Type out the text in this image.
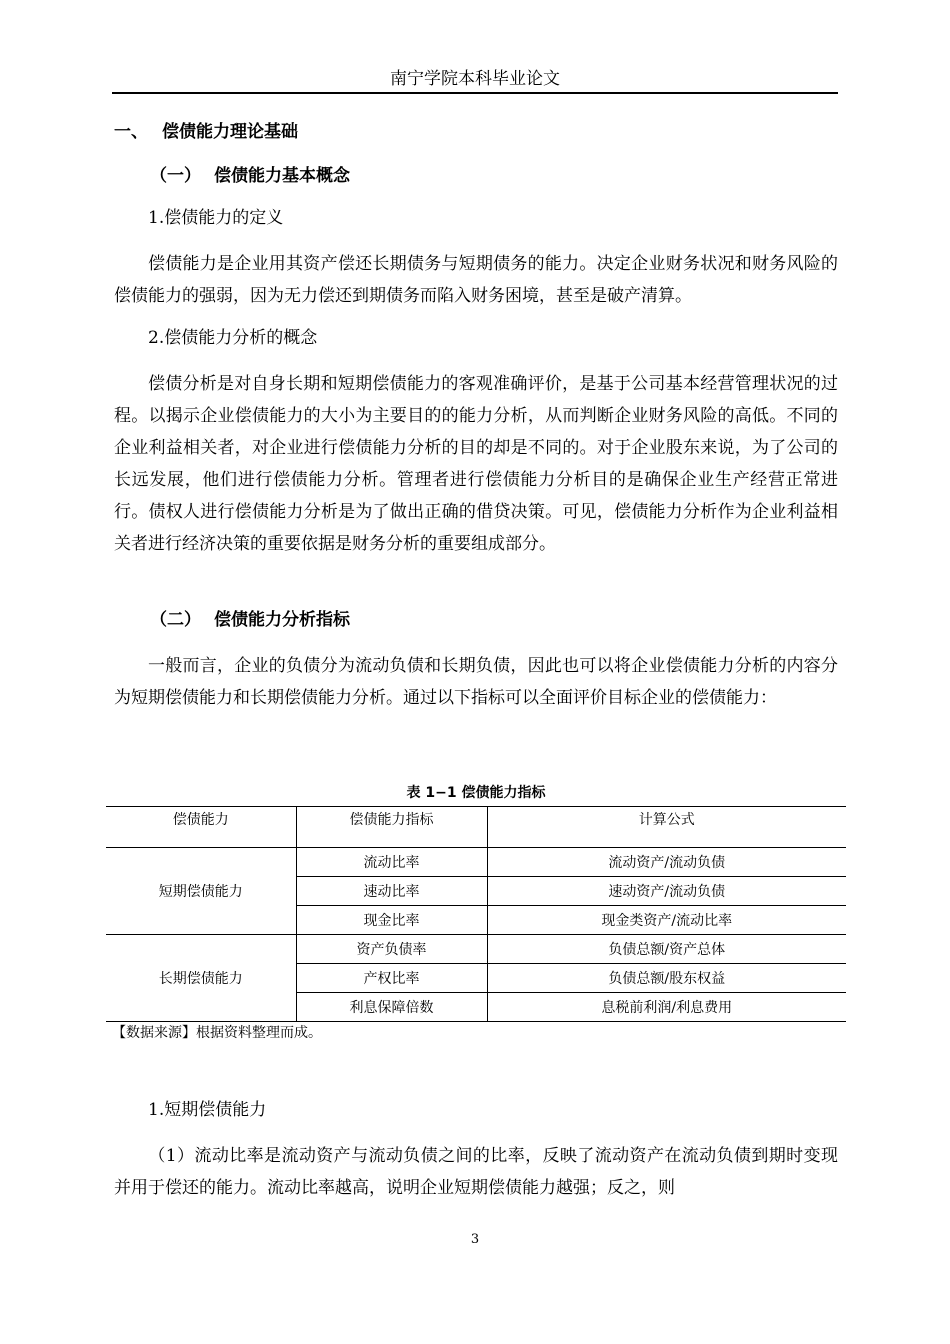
南宁学院本科毕业论文
一、 偿债能力理论基础
（一） 偿债能力基本概念
1.偿债能力的定义

偿债能力是企业用其资产偿还长期债务与短期债务的能力。决定企业财务状况和财务风险的偿债能力的强弱，因为无力偿还到期债务而陷入财务困境，甚至是破产清算。

2.偿债能力分析的概念

偿债分析是对自身长期和短期偿债能力的客观准确评价，是基于公司基本经营管理状况的过程。以揭示企业偿债能力的大小为主要目的的能力分析，从而判断企业财务风险的高低。不同的企业利益相关者，对企业进行偿债能力分析的目的却是不同的。对于企业股东来说，为了公司的长远发展，他们进行偿债能力分析。管理者进行偿债能力分析目的是确保企业生产经营正常进行。债权人进行偿债能力分析是为了做出正确的借贷决策。可见，偿债能力分析作为企业利益相关者进行经济决策的重要依据是财务分析的重要组成部分。

（二） 偿债能力分析指标

一般而言，企业的负债分为流动负债和长期负债，因此也可以将企业偿债能力分析的内容分为短期偿债能力和长期偿债能力分析。通过以下指标可以全面评价目标企业的偿债能力：

表 1−1 偿债能力指标
偿债能力	偿债能力指标	计算公式
短期偿债能力	流动比率	流动资产/流动负债
	速动比率	速动资产/流动负债
	现金比率	现金类资产/流动比率
长期偿债能力	资产负债率	负债总额/资产总体
	产权比率	负债总额/股东权益
	利息保障倍数	息税前利润/利息费用
【数据来源】根据资料整理而成。
1.短期偿债能力

（1）流动比率是流动资产与流动负债之间的比率，反映了流动资产在流动负债到期时变现并用于偿还的能力。流动比率越高，说明企业短期偿债能力越强；反之，则

3
